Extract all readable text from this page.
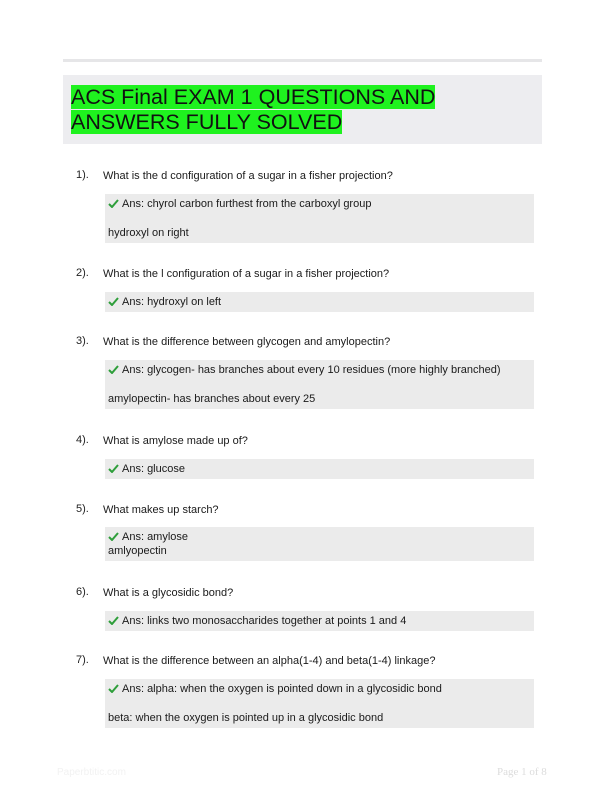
ACS Final EXAM 1 QUESTIONS AND ANSWERS FULLY SOLVED
1). What is the d configuration of a sugar in a fisher projection?
Ans: chyrol carbon furthest from the carboxyl group
hydroxyl on right
2). What is the l configuration of a sugar in a fisher projection?
Ans: hydroxyl on left
3). What is the difference between glycogen and amylopectin?
Ans: glycogen- has branches about every 10 residues (more highly branched)
amylopectin- has branches about every 25
4). What is amylose made up of?
Ans: glucose
5). What makes up starch?
Ans: amylose
amlyopectin
6). What is a glycosidic bond?
Ans: links two monosaccharides together at points 1 and 4
7). What is the difference between an alpha(1-4) and beta(1-4) linkage?
Ans: alpha: when the oxygen is pointed down in a glycosidic bond
beta: when the oxygen is pointed up in a glycosidic bond
Paperbtitic.com	Page 1 of 8
